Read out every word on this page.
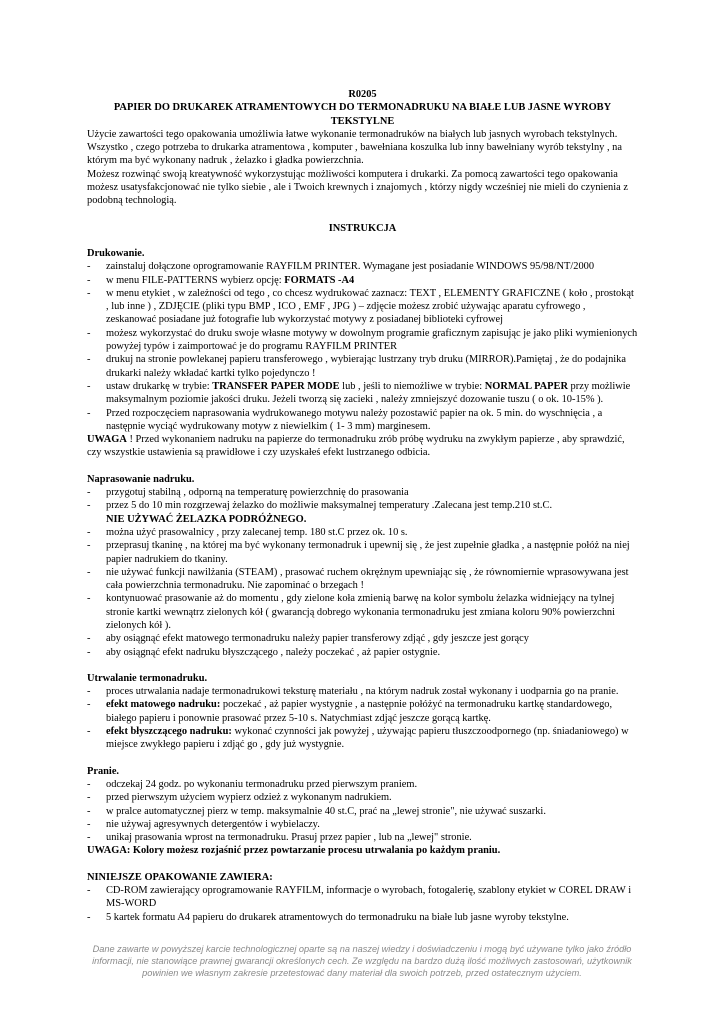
R0205
PAPIER DO DRUKAREK ATRAMENTOWYCH DO TERMONADRUKU NA BIAŁE LUB JASNE WYROBY TEKSTYLNE

Użycie zawartości tego opakowania umożliwia łatwe wykonanie termonadruków na białych lub jasnych wyrobach tekstylnych. Wszystko , czego potrzeba to drukarka atramentowa , komputer , bawełniana koszulka lub inny bawełniany wyrób tekstylny , na którym ma być wykonany nadruk , żelazko i gładka powierzchnia.

Możesz rozwinąć swoją kreatywność wykorzystując możliwości komputera i drukarki. Za pomocą zawartości tego opakowania możesz usatysfakcjonować nie tylko siebie , ale i Twoich krewnych i znajomych , którzy nigdy wcześniej nie mieli do czynienia z podobną technologią.

INSTRUKCJA
Drukowanie.
- zainstaluj dołączone oprogramowanie RAYFILM PRINTER. Wymagane jest posiadanie WINDOWS 95/98/NT/2000
- w menu FILE-PATTERNS wybierz opcję: FORMATS -A4
- w menu etykiet , w zależności od tego , co chcesz wydrukować zaznacz: TEXT , ELEMENTY GRAFICZNE ( koło , prostokąt , lub inne ) , ZDJĘCIE (pliki typu BMP , ICO , EMF , JPG ) – zdjęcie możesz zrobić używając aparatu cyfrowego , zeskanować posiadane już fotografie lub wykorzystać motywy z posiadanej biblioteki cyfrowej
- możesz wykorzystać do druku swoje własne motywy w dowolnym programie graficznym zapisując je jako pliki wymienionych powyżej typów i zaimportować je do programu RAYFILM PRINTER
- drukuj na stronie powlekanej papieru transferowego , wybierając lustrzany tryb druku (MIRROR).Pamiętaj , że do podajnika drukarki należy wkładać kartki tylko pojedynczo !
- ustaw drukarkę w trybie: TRANSFER PAPER MODE lub , jeśli to niemożliwe w trybie: NORMAL PAPER przy możliwie maksymalnym poziomie jakości druku. Jeżeli tworzą się zacieki , należy zmniejszyć dozowanie tuszu ( o ok. 10-15% ).
- Przed rozpoczęciem naprasowania wydrukowanego motywu należy pozostawić papier na ok. 5 min. do wyschnięcia , a następnie wyciąć wydrukowany motyw z niewielkim ( 1- 3 mm) marginesem.

UWAGA ! Przed wykonaniem nadruku na papierze do termonadruku zrób próbę wydruku na zwykłym papierze , aby sprawdzić, czy wszystkie ustawienia są prawidłowe i czy uzyskałeś efekt lustrzanego odbicia.

Naprasowanie nadruku.
- przygotuj stabilną , odporną na temperaturę powierzchnię do prasowania
- przez 5 do 10 min rozgrzewaj żelazko do możliwie maksymalnej temperatury .Zalecana jest temp.210 st.C.
NIE UŻYWAĆ ŻELAZKA PODRÓŻNEGO.
- można użyć prasowalnicy , przy zalecanej temp. 180 st.C przez ok. 10 s.
- przeprasuj tkaninę , na której ma być wykonany termonadruk i upewnij się , że jest zupełnie gładka , a następnie połóż na niej papier nadrukiem do tkaniny.
- nie używać funkcji nawilżania (STEAM) , prasować ruchem okrężnym upewniając się , że równomiernie wprasowywana jest cała powierzchnia termonadruku. Nie zapominać o brzegach !
- kontynuować prasowanie aż do momentu , gdy zielone koła zmienią barwę na kolor symbolu żelazka widniejący na tylnej stronie kartki wewnątrz zielonych kół ( gwarancją dobrego wykonania termonadruku jest zmiana koloru 90% powierzchni zielonych kół ).
- aby osiągnąć efekt matowego termonadruku należy papier transferowy zdjąć , gdy jeszcze jest gorący
- aby osiągnąć efekt nadruku błyszczącego , należy poczekać , aż papier ostygnie.
Utrwalanie termonadruku.
- proces utrwalania nadaje termonadrukowi teksturę materiału , na którym nadruk został wykonany i uodparnia go na pranie.
- efekt matowego nadruku: poczekać , aż papier wystygnie , a następnie połóżyć na termonadruku kartkę standardowego, białego papieru i ponownie prasować przez 5-10 s. Natychmiast zdjąć jeszcze gorącą kartkę.
- efekt błyszczącego nadruku: wykonać czynności jak powyżej , używając papieru tłuszczoodpornego (np. śniadaniowego) w miejsce zwykłego papieru i zdjąć go , gdy już wystygnie.
Pranie.
- odczekaj 24 godz. po wykonaniu termonadruku przed pierwszym praniem.
- przed pierwszym użyciem wypierz odzież z wykonanym nadrukiem.
- w pralce automatycznej pierz w temp. maksymalnie 40 st.C, prać na „lewej stronie", nie używać suszarki.
- nie używaj agresywnych detergentów i wybielaczy.
- unikaj prasowania wprost na termonadruku. Prasuj przez papier , lub na „lewej" stronie.
UWAGA: Kolory możesz rozjaśnić przez powtarzanie procesu utrwalania po każdym praniu.
NINIEJSZE OPAKOWANIE ZAWIERA:
- CD-ROM zawierający oprogramowanie RAYFILM, informacje o wyrobach, fotogalerię, szablony etykiet w COREL DRAW i MS-WORD
- 5 kartek formatu A4 papieru do drukarek atramentowych do termonadruku na białe lub jasne wyroby tekstylne.
Dane zawarte w powyższej karcie technologicznej oparte są na naszej wiedzy i doświadczeniu i mogą być używane tylko jako źródło informacji, nie stanowiące prawnej gwarancji określonych cech. Ze względu na bardzo dużą ilość możliwych zastosowań, użytkownik powinien we własnym zakresie przetestować dany materiał dla swoich potrzeb, przed ostatecznym użyciem.
